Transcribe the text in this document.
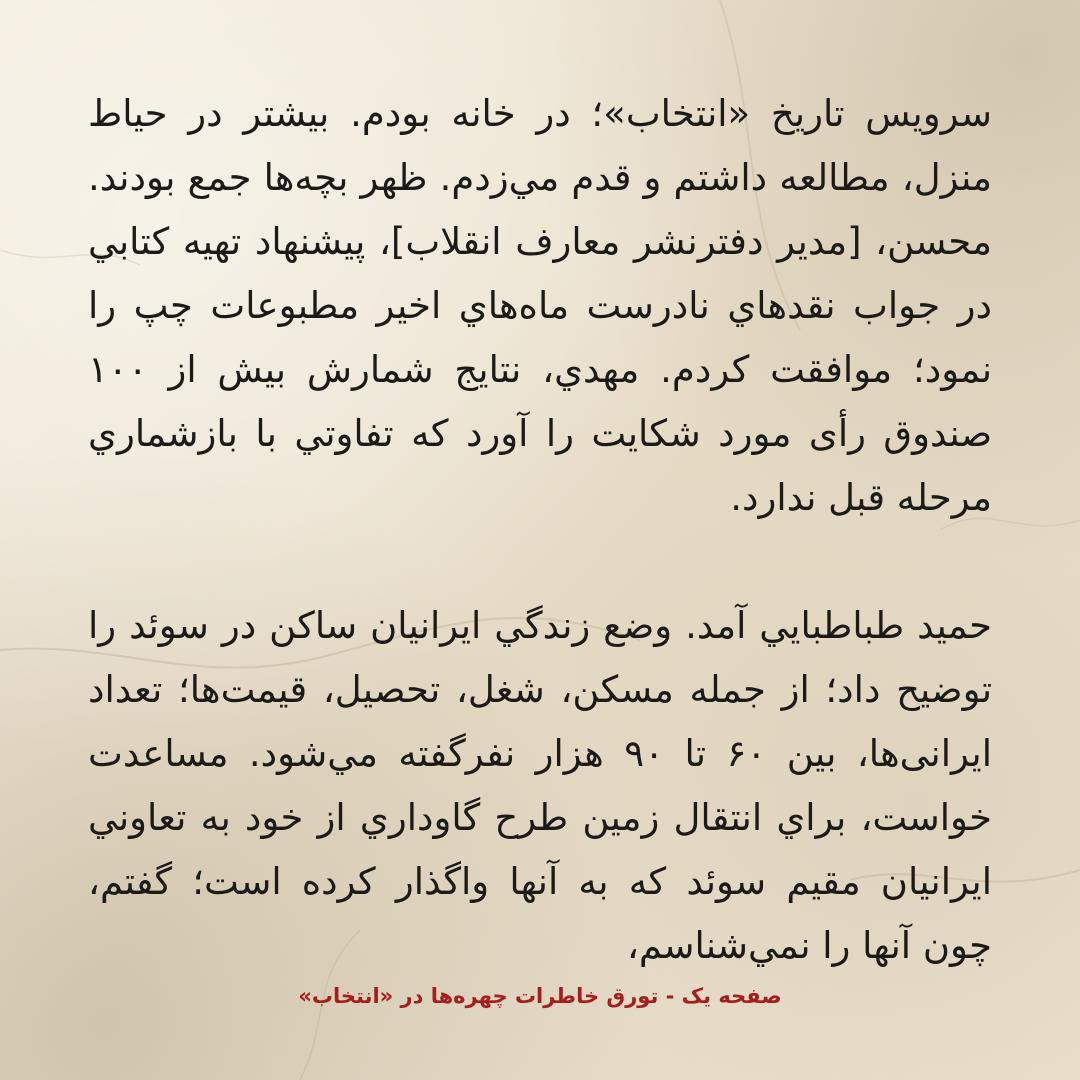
سرويس تاريخ «انتخاب»؛ در خانه بودم. بيشتر در حياط منزل، مطالعه داشتم و قدم مي‌زدم. ظهر بچه‌ها جمع بودند. محسن، [مدير دفترنشر معارف انقلاب]، پيشنهاد تهيه كتابي در جواب نقدهاي نادرست ماه‌هاي اخير مطبوعات چپ را نمود؛ موافقت كردم. مهدي، نتايج شمارش بيش از ۱۰۰ صندوق رأى مورد شكايت را آورد كه تفاوتي با بازشماري مرحله قبل ندارد.

حميد طباطبايي آمد. وضع زندگي ايرانيان ساكن در سوئد را توضيح داد؛ از جمله مسكن، شغل، تحصيل، قيمت‌ها؛ تعداد ايرانی‌ها، بين ۶۰ تا ۹۰ هزار نفرگفته مي‌شود. مساعدت خواست، براي انتقال زمين طرح گاوداري از خود به تعاوني ايرانيان مقيم سوئد كه به آنها واگذار كرده است؛ گفتم، چون آنها را نمي‌شناسم،

صفحه یک - تورق خاطرات چهره‌ها در «انتخاب»
